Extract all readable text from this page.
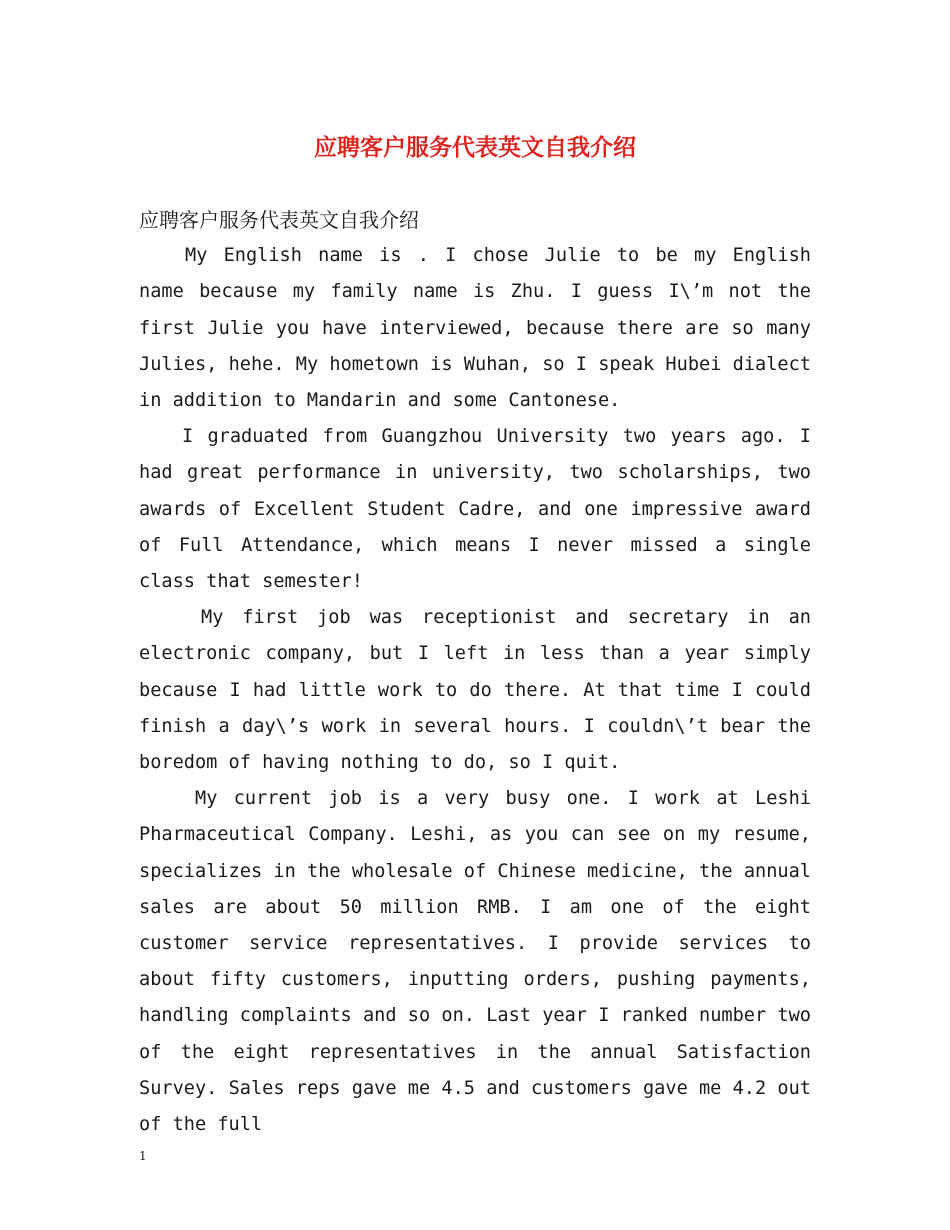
应聘客户服务代表英文自我介绍

应聘客户服务代表英文自我介绍

My English name is . I chose Julie to be my English name because my family name is Zhu. I guess I\’m not the first Julie you have interviewed, because there are so many Julies, hehe. My hometown is Wuhan, so I speak Hubei dialect in addition to Mandarin and some Cantonese.

I graduated from Guangzhou University two years ago. I had great performance in university, two scholarships, two awards of Excellent Student Cadre, and one impressive award of Full Attendance, which means I never missed a single class that semester!

My first job was receptionist and secretary in an electronic company, but I left in less than a year simply because I had little work to do there. At that time I could finish a day\’s work in several hours. I couldn\’t bear the boredom of having nothing to do, so I quit.

My current job is a very busy one. I work at Leshi Pharmaceutical Company. Leshi, as you can see on my resume, specializes in the wholesale of Chinese medicine, the annual sales are about 50 million RMB. I am one of the eight customer service representatives. I provide services to about fifty customers, inputting orders, pushing payments, handling complaints and so on. Last year I ranked number two of the eight representatives in the annual Satisfaction Survey. Sales reps gave me 4.5 and customers gave me 4.2 out of the full

1
